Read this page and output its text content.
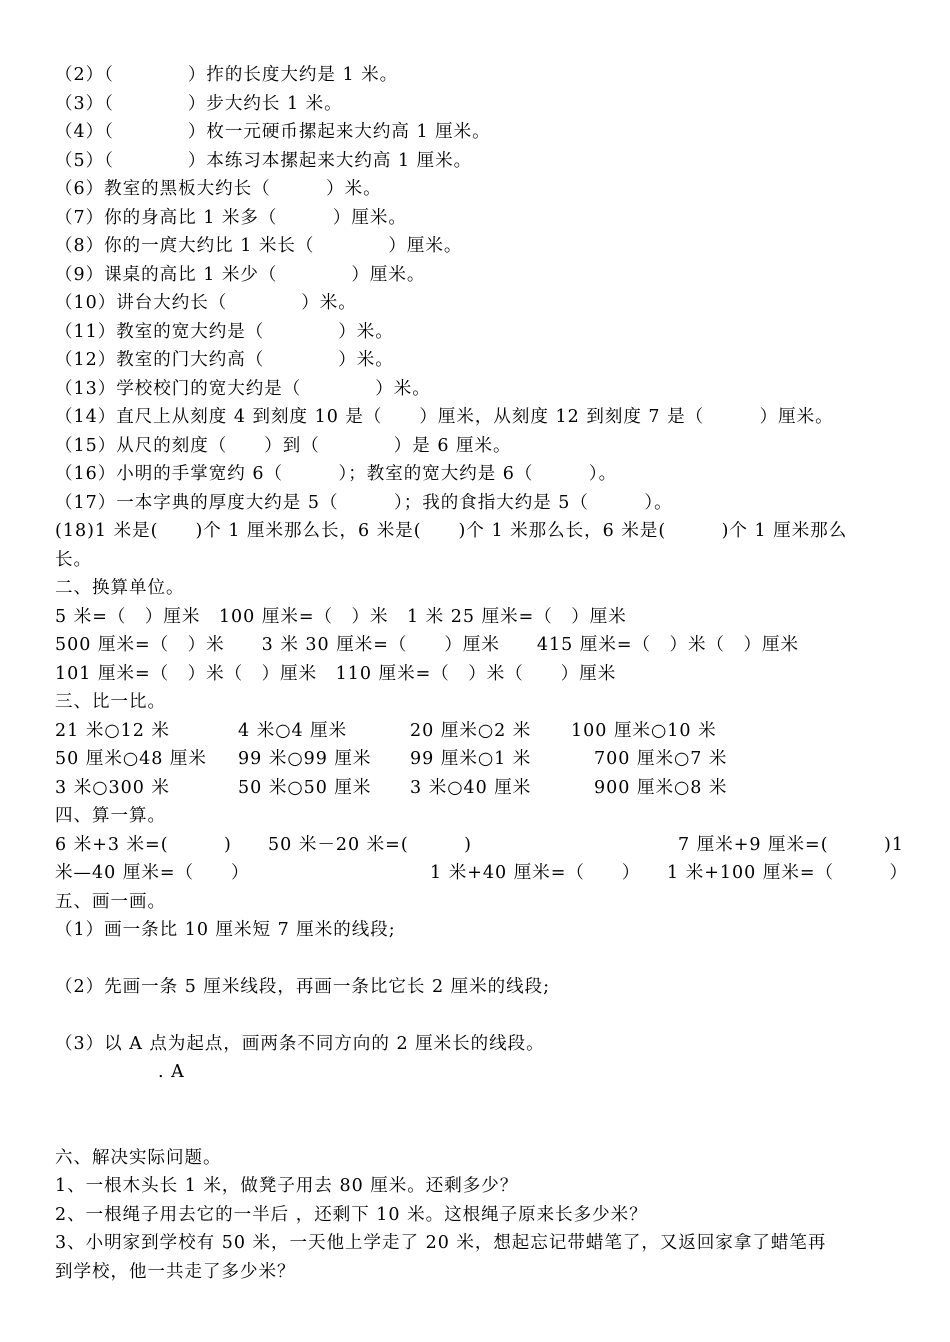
（2）（　　　　）拃的长度大约是 1 米。
（3）（　　　　）步大约长 1 米。
（4）（　　　　）枚一元硬币摞起来大约高 1 厘米。
（5）（　　　　）本练习本摞起来大约高 1 厘米。
（6）教室的黑板大约长（　　　）米。
（7）你的身高比 1 米多（　　　）厘米。
（8）你的一庹大约比 1 米长（　　　　）厘米。
（9）课桌的高比 1 米少（　　　　）厘米。
（10）讲台大约长（　　　　）米。
（11）教室的宽大约是（　　　　）米。
（12）教室的门大约高（　　　　）米。
（13）学校校门的宽大约是（　　　　）米。
（14）直尺上从刻度 4 到刻度 10 是（　　）厘米，从刻度 12 到刻度 7 是（　　　）厘米。
（15）从尺的刻度（　　）到（　　　　）是 6 厘米。
（16）小明的手掌宽约 6（　　　）；教室的宽大约是 6（　　　）。
（17）一本字典的厚度大约是 5（　　　）；我的食指大约是 5（　　　）。
(18)1 米是(　　)个 1 厘米那么长，6 米是(　　)个 1 米那么长，6 米是(　　　)个 1 厘米那么
长。
二、换算单位。
5 米=（　）厘米　100 厘米=（　）米　1 米 25 厘米=（　）厘米
500 厘米=（　）米　　3 米 30 厘米=（　　）厘米　　415 厘米=（　）米（　）厘米
101 厘米=（　）米（　）厘米　110 厘米=（　）米（　　）厘米
三、比一比。
21 米○12 米	4 米○4 厘米	20 厘米○2 米 100 厘米○10 米
50 厘米○48 厘米 99 米○99 厘米 99 厘米○1 米	700 厘米○7 米
3 米○300 米	50 米○50 厘米 3 米○40 厘米	900 厘米○8 米
四、算一算。
6 米+3 米=(　　　) 50 米－20 米=(　　　)	7 厘米+9 厘米=(　　　)1
米—40 厘米=（　　）	1 米+40 厘米=（　　） 1 米+100 厘米=（　　　）
五、画一画。
（1）画一条比 10 厘米短 7 厘米的线段;
（2）先画一条 5 厘米线段，再画一条比它长 2 厘米的线段;
（3）以 A 点为起点，画两条不同方向的 2 厘米长的线段。
. A
六、解决实际问题。
1、一根木头长 1 米，做凳子用去 80 厘米。还剩多少？
2、一根绳子用去它的一半后 ，还剩下 10 米。这根绳子原来长多少米？
3、小明家到学校有 50 米，一天他上学走了 20 米，想起忘记带蜡笔了，又返回家拿了蜡笔再
到学校，他一共走了多少米？
